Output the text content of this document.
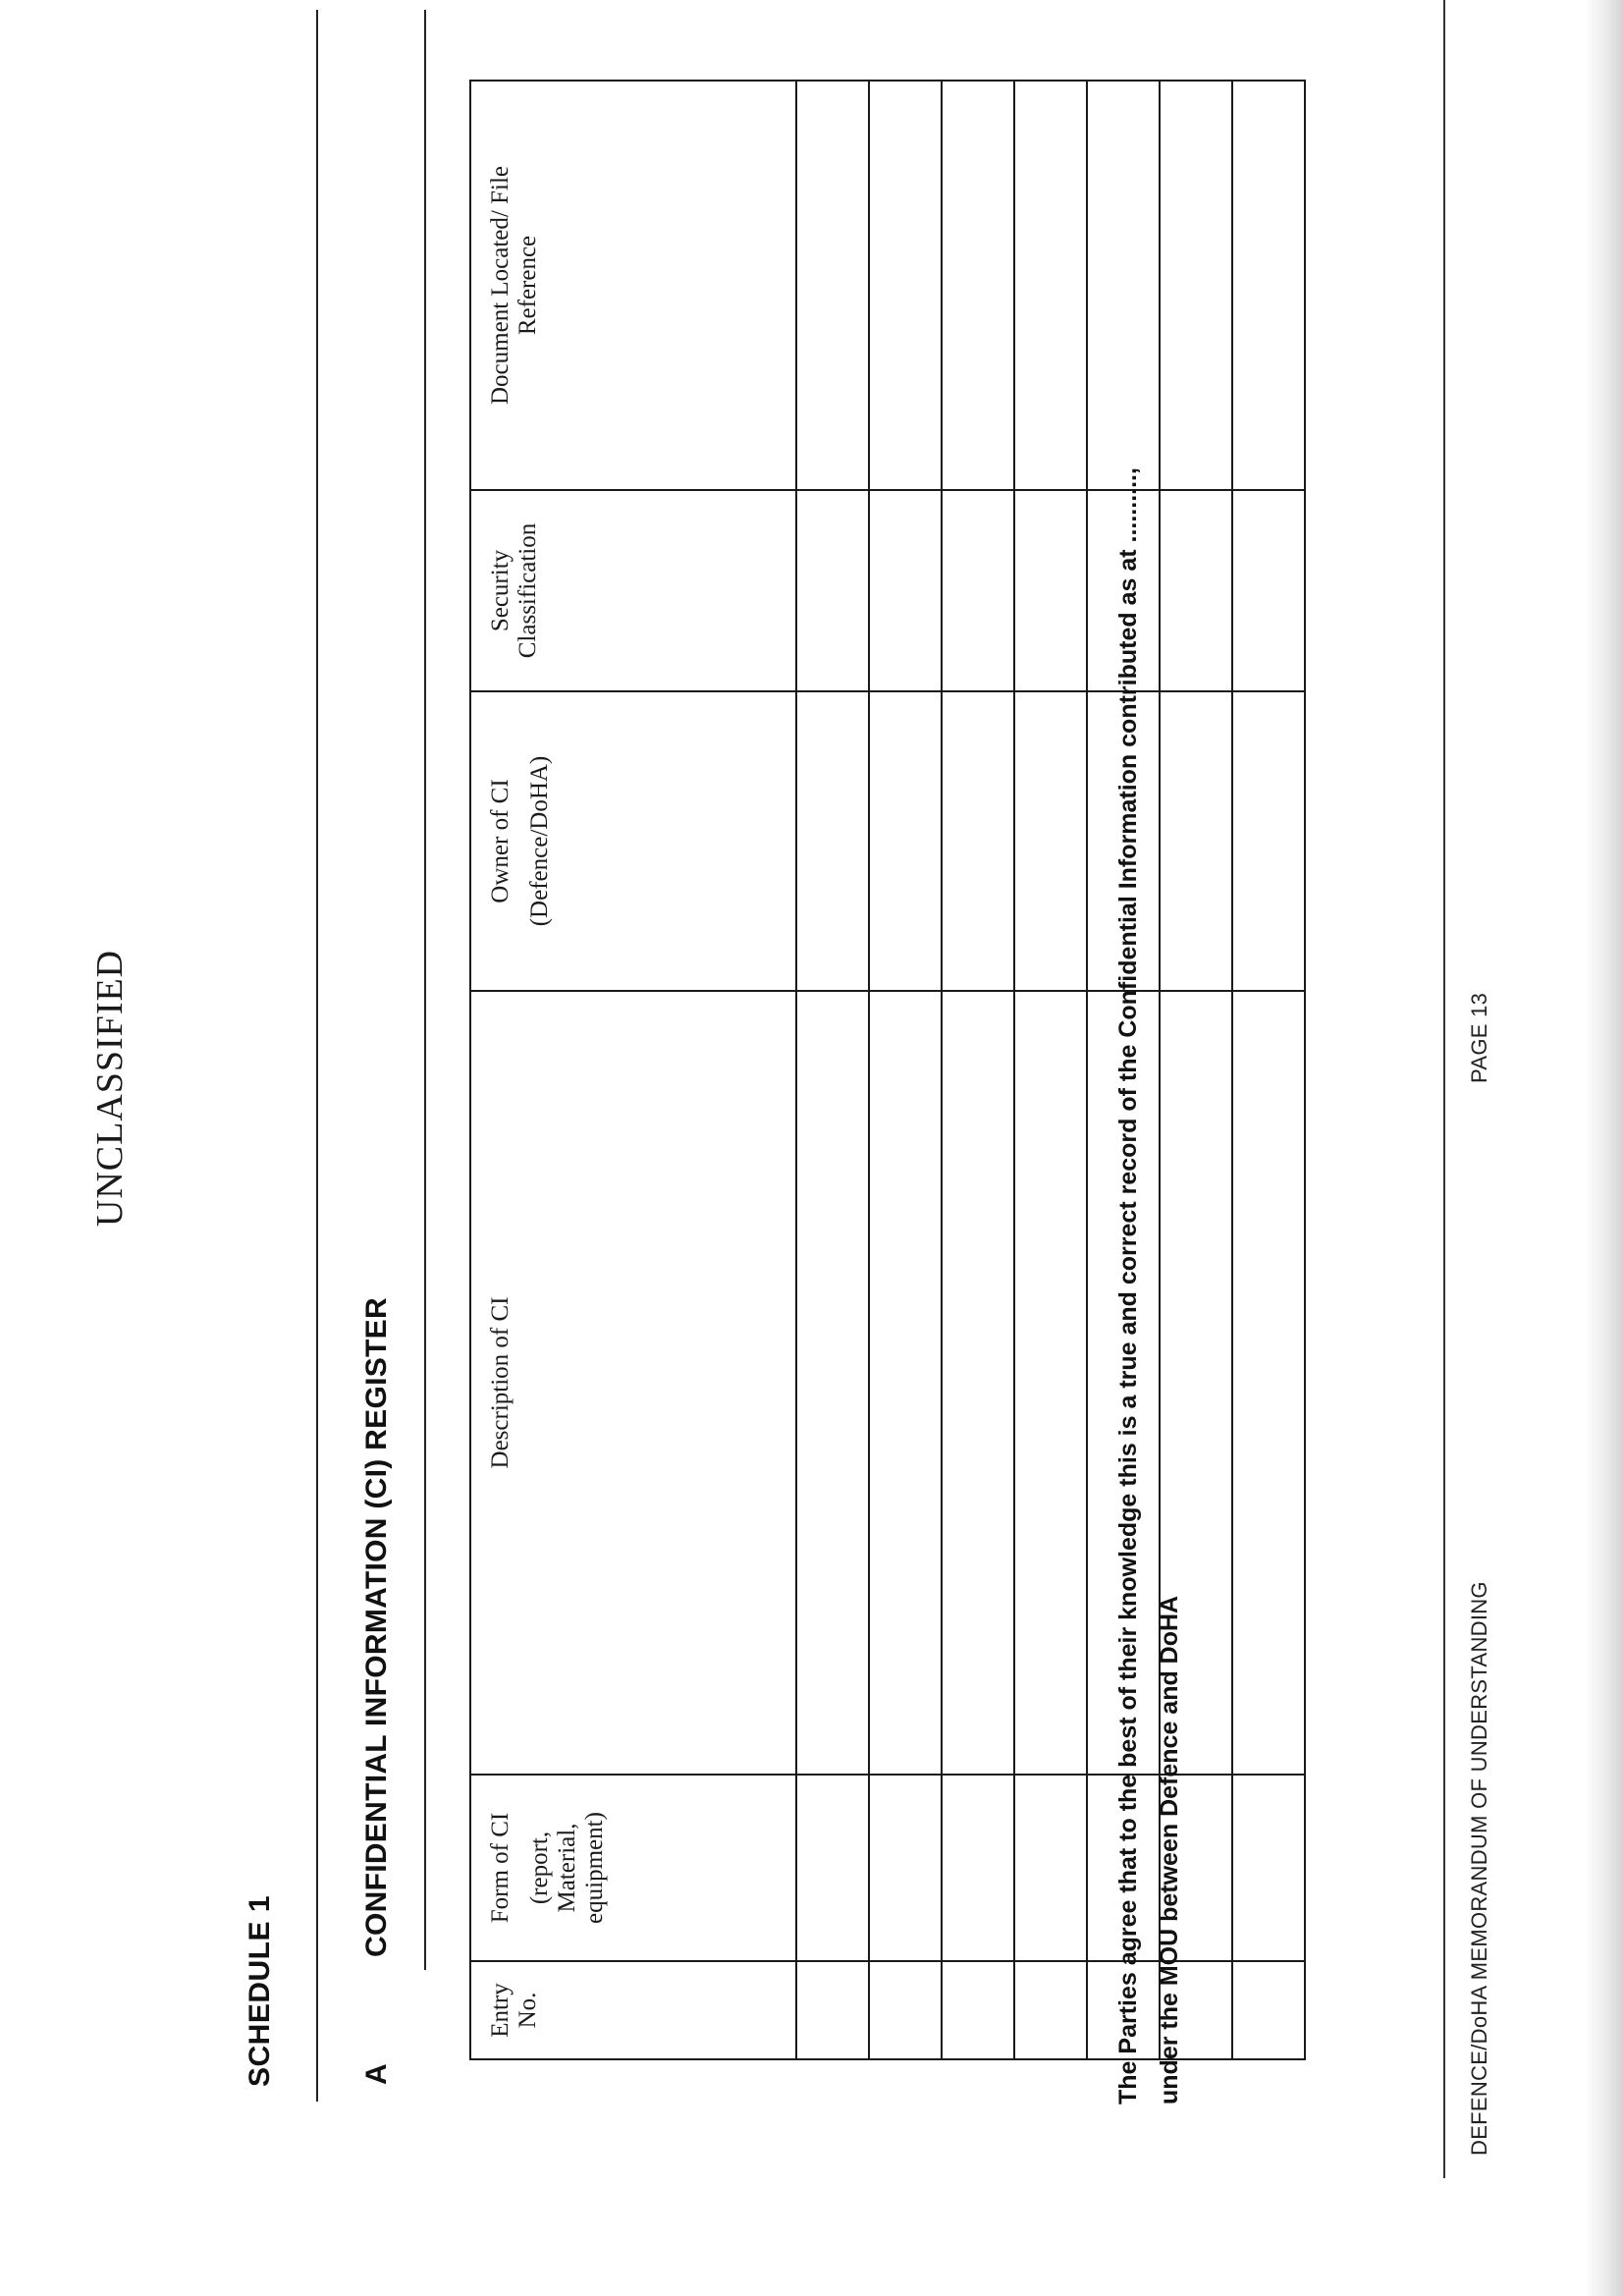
UNCLASSIFIED
SCHEDULE 1	A
CONFIDENTIAL INFORMATION (CI) REGISTER
Entry No.	Form of CI (report, Material, equipment)	Description of CI	Owner of CI (Defence/DoHA)	Security Classification	Document Located/ File Reference

The Parties agree that to the best of their knowledge this is a true and correct record of the Confidential Information contributed as at .........., under the MOU between Defence and DoHA	DEFENCE/DoHA MEMORANDUM OF UNDERSTANDING
PAGE 13
